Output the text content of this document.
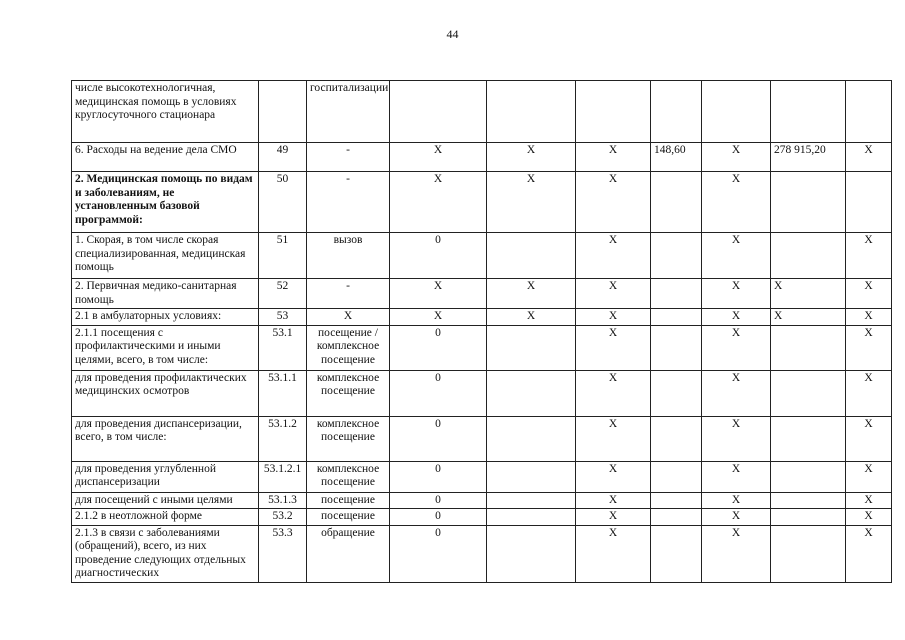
44
числе высокотехнологичная, медицинская помощь в условиях круглосуточного стационара		госпитализации							
6. Расходы на ведение дела СМО	49	-	X	X	X	148,60	X	278 915,20	X
2. Медицинская помощь по видам и заболеваниям, не установленным базовой программой:	50	-	X	X	X		X		
1. Скорая, в том числе скорая специализированная, медицинская помощь	51	вызов	0		X		X		X
2. Первичная медико-санитарная помощь	52	-	X	X	X		X	X	X
2.1 в амбулаторных условиях:	53	X	X	X	X		X	X	X
2.1.1 посещения с профилактическими и иными целями, всего, в том числе:	53.1	посещение / комплексное посещение	0		X		X		X
для проведения профилактических медицинских осмотров	53.1.1	комплексное посещение	0		X		X		X
для проведения диспансеризации, всего, в том числе:	53.1.2	комплексное посещение	0		X		X		X
для проведения углубленной диспансеризации	53.1.2.1	комплексное посещение	0		X		X		X
для посещений с иными целями	53.1.3	посещение	0		X		X		X
2.1.2 в неотложной форме	53.2	посещение	0		X		X		X
2.1.3 в связи с заболеваниями (обращений), всего, из них проведение следующих отдельных диагностических	53.3	обращение	0		X		X		X
